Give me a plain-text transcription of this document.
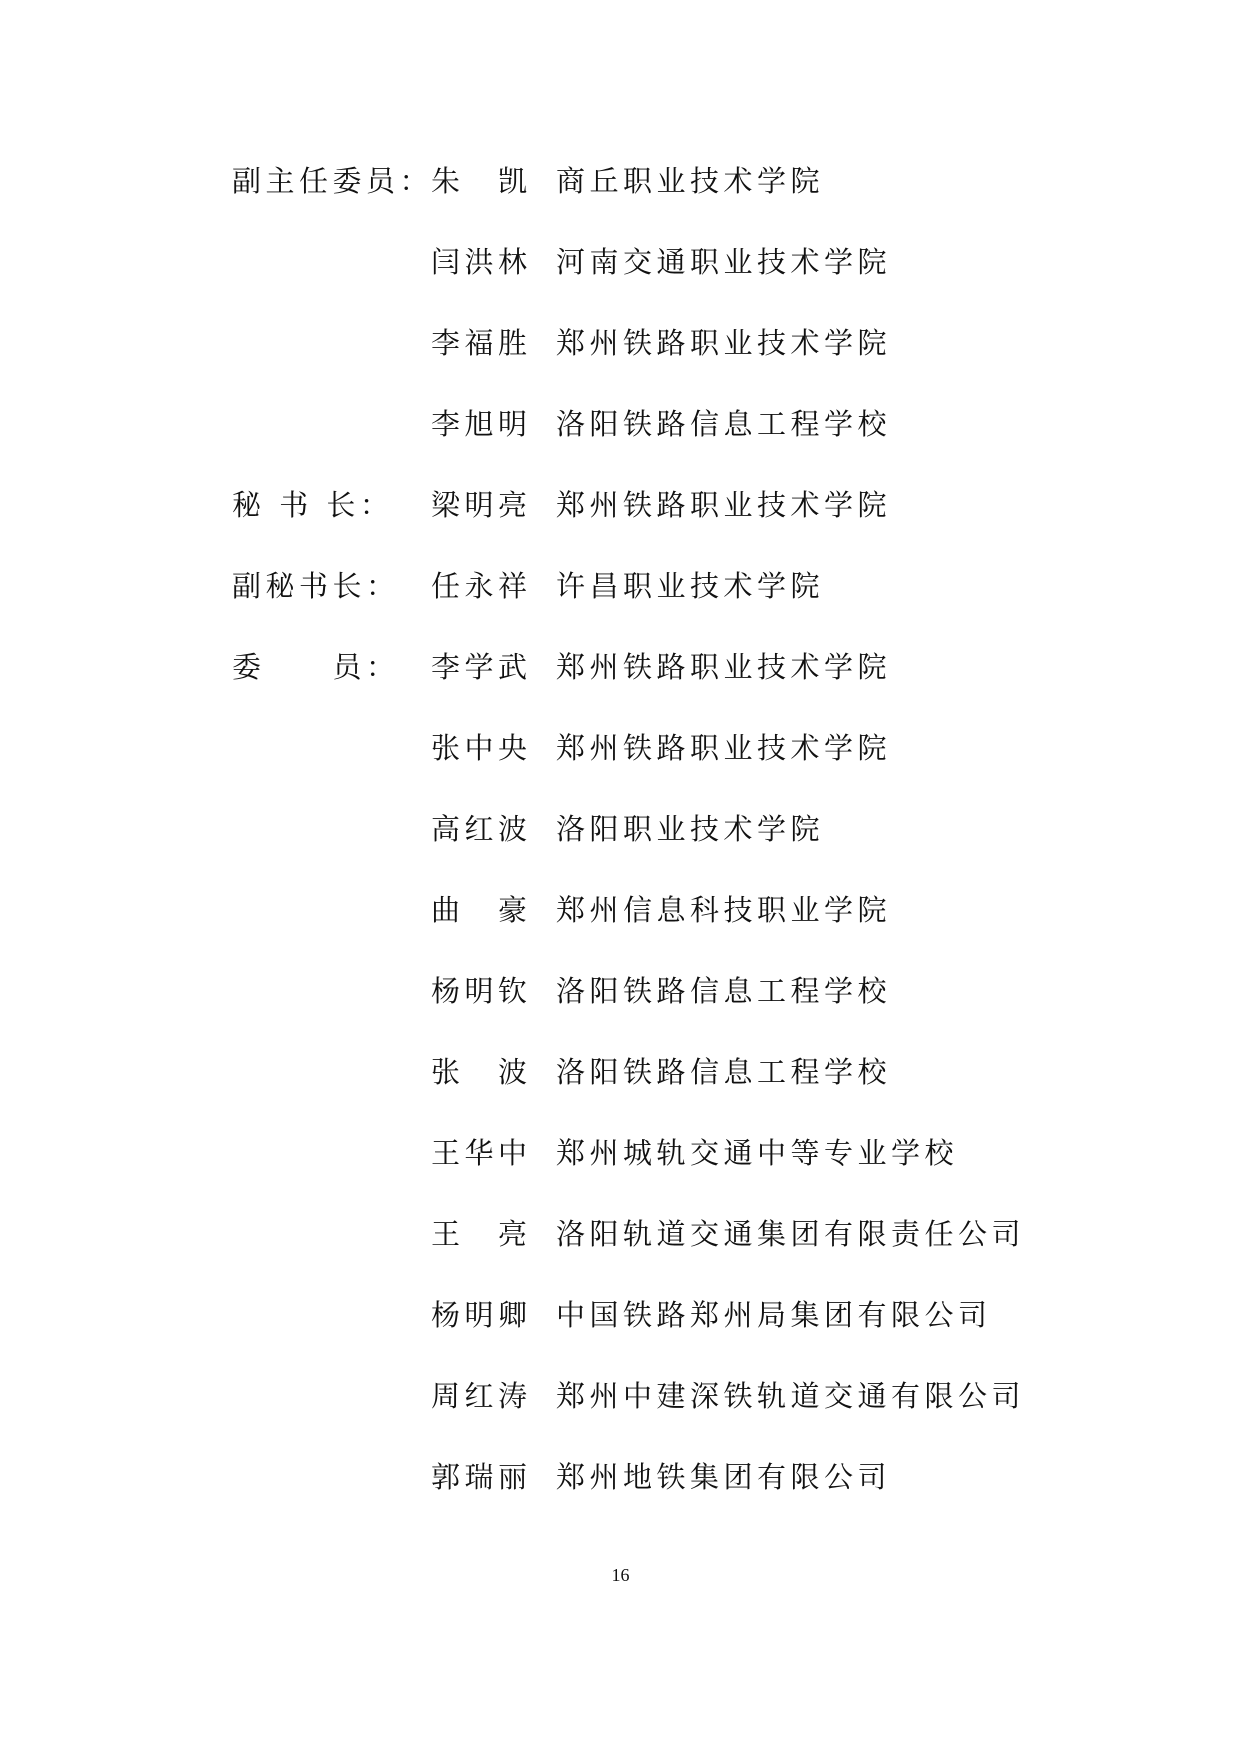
副主任委员：
朱　凯 商丘职业技术学院
闫洪林 河南交通职业技术学院
李福胜 郑州铁路职业技术学院
李旭明 洛阳铁路信息工程学校
秘 书 长： 梁明亮 郑州铁路职业技术学院
副秘书长： 任永祥 许昌职业技术学院
委　　员： 李学武 郑州铁路职业技术学院
张中央 郑州铁路职业技术学院
高红波 洛阳职业技术学院
曲　豪 郑州信息科技职业学院
杨明钦 洛阳铁路信息工程学校
张　波 洛阳铁路信息工程学校
王华中 郑州城轨交通中等专业学校
王　亮 洛阳轨道交通集团有限责任公司
杨明卿 中国铁路郑州局集团有限公司
周红涛 郑州中建深铁轨道交通有限公司
郭瑞丽 郑州地铁集团有限公司
16
